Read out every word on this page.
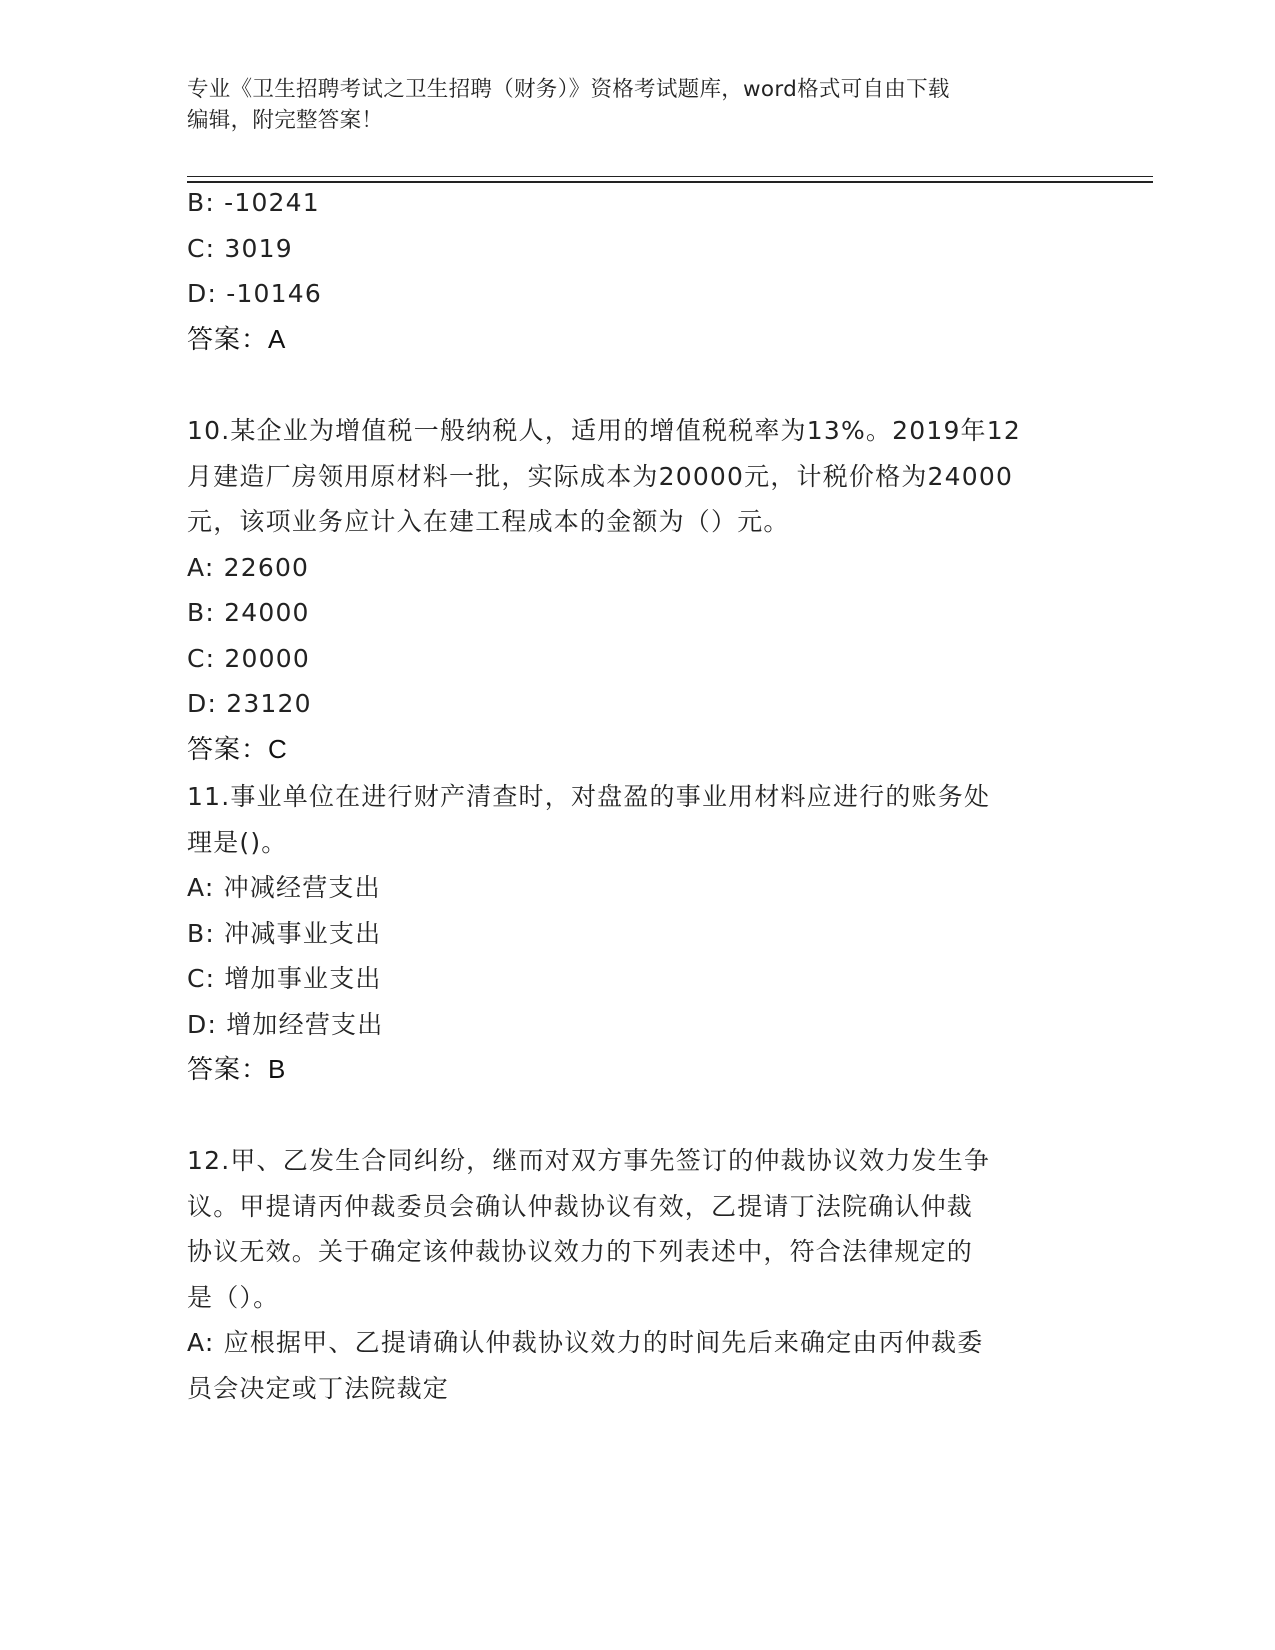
专业《卫生招聘考试之卫生招聘（财务）》资格考试题库，word格式可自由下载
编辑，附完整答案！
B: -10241
C: 3019
D: -10146
答案：A
10.某企业为增值税一般纳税人，适用的增值税税率为13%。2019年12
月建造厂房领用原材料一批，实际成本为20000元，计税价格为24000
元，该项业务应计入在建工程成本的金额为（）元。
A: 22600
B: 24000
C: 20000
D: 23120
答案：C
11.事业单位在进行财产清查时，对盘盈的事业用材料应进行的账务处
理是()。
A: 冲减经营支出
B: 冲减事业支出
C: 增加事业支出
D: 增加经营支出
答案：B
12.甲、乙发生合同纠纷，继而对双方事先签订的仲裁协议效力发生争
议。甲提请丙仲裁委员会确认仲裁协议有效，乙提请丁法院确认仲裁
协议无效。关于确定该仲裁协议效力的下列表述中，符合法律规定的
是（）。
A: 应根据甲、乙提请确认仲裁协议效力的时间先后来确定由丙仲裁委
员会决定或丁法院裁定
